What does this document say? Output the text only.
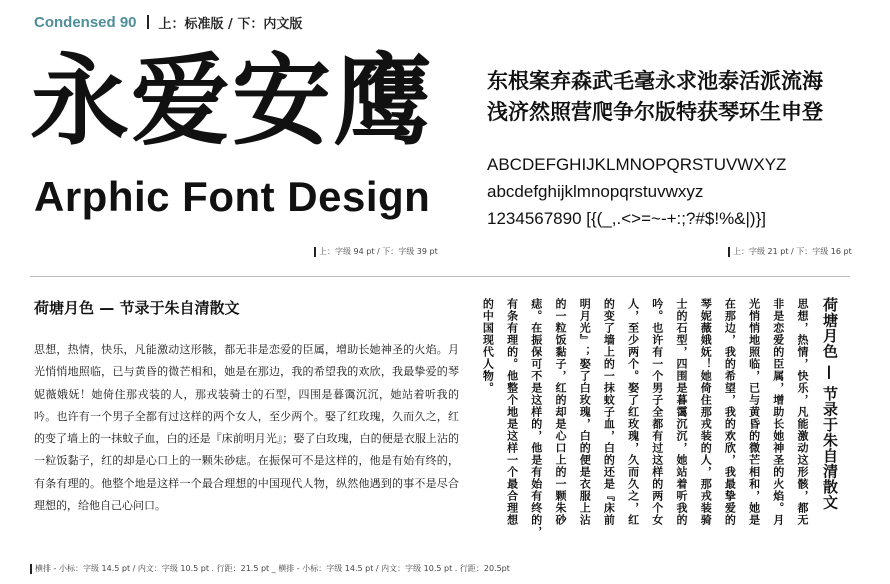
Condensed 90 上：标准版 / 下：内文版
永爱安鹰
Arphic Font Design
上：字级 94 pt / 下：字级 39 pt
东根案弃森武毛毫永求池泰活派流海
浅济然照营爬争尔版特获琴环生申登
ABCDEFGHIJKLMNOPQRSTUVWXYZ
abcdefghijklmnopqrstuvwxyz
1234567890 [{(_,.<>=~-+:;?#$!%&|)}]
上：字级 21 pt / 下：字级 16 pt
荷塘月色 — 节录于朱自清散文

思想，热情，快乐，凡能激动这形骸，都无非是恋爱的臣属，增助长她神圣的火焰。月光悄悄地照临，已与黄昏的微芒相和，她是在那边，我的希望我的欢欣，我最挚爱的琴妮薇娥妩！她倚住那戎装的人，那戎装骑士的石型，四围是暮霭沉沉，她站着听我的吟。也许有一个男子全都有过这样的两个女人，至少两个。娶了红玫瑰，久而久之，红的变了墙上的一抹蚊子血，白的还是『床前明月光』；娶了白玫瑰，白的便是衣服上沾的一粒饭黏子，红的却是心口上的一颗朱砂痣。在振保可不是这样的，他是有始有终的，有条有理的。他整个地是这样一个最合理想的中国现代人物，纵然他遇到的事不是尽合理想的，给他自己心问口。	荷塘月色 — 节录于朱自清散文
思想，热情，快乐，凡能激动这形骸，都无
非是恋爱的臣属，增助长她神圣的火焰。月
光悄悄地照临，已与黄昏的微芒相和，她是
在那边，我的希望，我的欢欣，我最挚爱的
琴妮薇娥妩！她倚住那戎装的人，那戎装骑
士的石型，四围是暮霭沉沉，她站着听我的
吟。也许有一个男子全都有过这样的两个女
人，至少两个。娶了红玫瑰，久而久之，红
的变了墙上的一抹蚊子血，白的还是『床前
明月光』；娶了白玫瑰，白的便是衣服上沾
的一粒饭黏子，红的却是心口上的一颗朱砂
痣。在振保可不是这样的，他是有始有终的，
有条有理的。他整个地是这样一个最合理想
的中国现代人物。
横排 - 小标：字级 14.5 pt / 内文：字级 10.5 pt . 行距：21.5 pt _ 横排 - 小标：字级 14.5 pt / 内文：字级 10.5 pt . 行距：20.5pt
